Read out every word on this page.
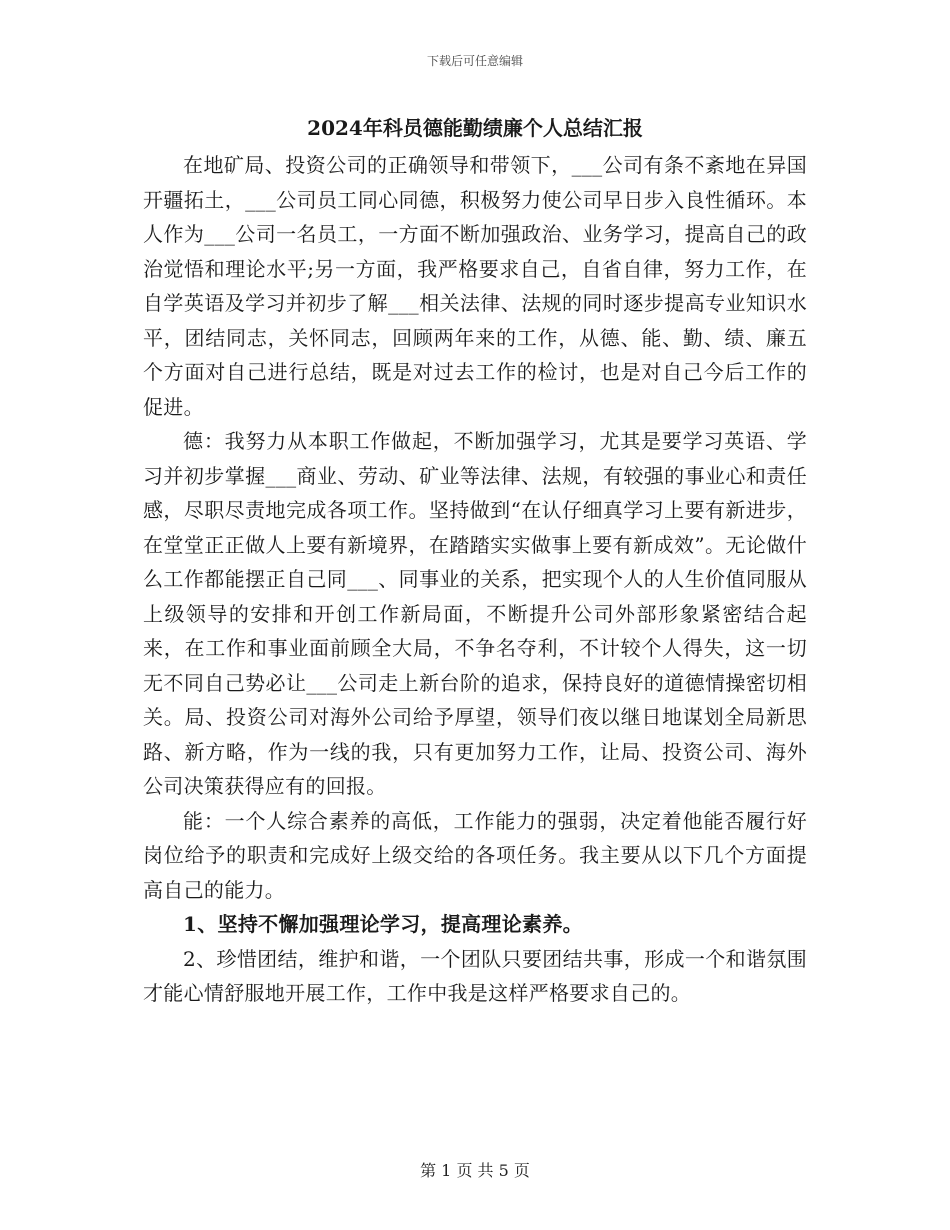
下载后可任意编辑
2024年科员德能勤绩廉个人总结汇报

在地矿局、投资公司的正确领导和带领下，___公司有条不紊地在异国开疆拓土，___公司员工同心同德，积极努力使公司早日步入良性循环。本人作为___公司一名员工，一方面不断加强政治、业务学习，提高自己的政治觉悟和理论水平;另一方面，我严格要求自己，自省自律，努力工作，在自学英语及学习并初步了解___相关法律、法规的同时逐步提高专业知识水平，团结同志，关怀同志，回顾两年来的工作，从德、能、勤、绩、廉五个方面对自己进行总结，既是对过去工作的检讨，也是对自己今后工作的促进。

德：我努力从本职工作做起，不断加强学习，尤其是要学习英语、学习并初步掌握___商业、劳动、矿业等法律、法规，有较强的事业心和责任感，尽职尽责地完成各项工作。坚持做到“在认仔细真学习上要有新进步，在堂堂正正做人上要有新境界，在踏踏实实做事上要有新成效”。无论做什么工作都能摆正自己同___、同事业的关系，把实现个人的人生价值同服从上级领导的安排和开创工作新局面，不断提升公司外部形象紧密结合起来，在工作和事业面前顾全大局，不争名夺利，不计较个人得失，这一切无不同自己势必让___公司走上新台阶的追求，保持良好的道德情操密切相关。局、投资公司对海外公司给予厚望，领导们夜以继日地谋划全局新思路、新方略，作为一线的我，只有更加努力工作，让局、投资公司、海外公司决策获得应有的回报。

能：一个人综合素养的高低，工作能力的强弱，决定着他能否履行好岗位给予的职责和完成好上级交给的各项任务。我主要从以下几个方面提高自己的能力。

1、坚持不懈加强理论学习，提高理论素养。

2、珍惜团结，维护和谐，一个团队只要团结共事，形成一个和谐氛围才能心情舒服地开展工作，工作中我是这样严格要求自己的。

第 1 页 共 5 页
